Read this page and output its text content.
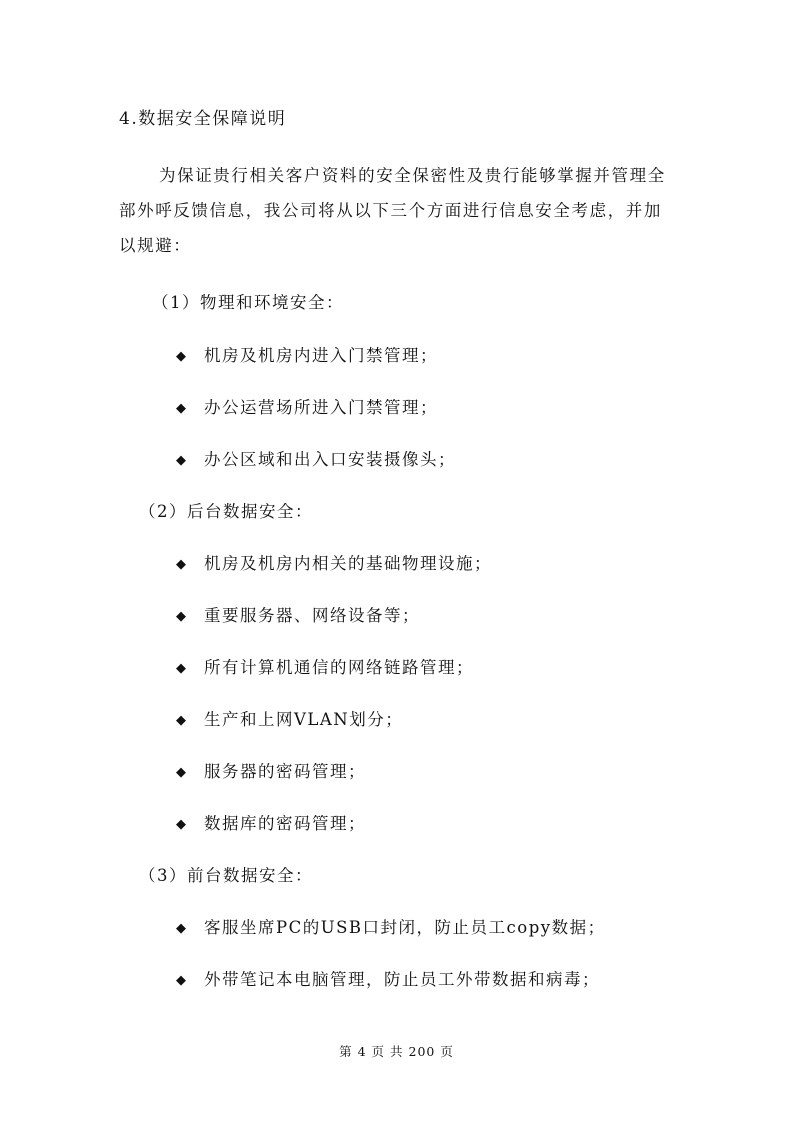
4.数据安全保障说明

为保证贵行相关客户资料的安全保密性及贵行能够掌握并管理全部外呼反馈信息，我公司将从以下三个方面进行信息安全考虑，并加以规避：

（1）物理和环境安全：

◆ 机房及机房内进入门禁管理；

◆ 办公运营场所进入门禁管理；

◆ 办公区域和出入口安装摄像头；

（2）后台数据安全：

◆ 机房及机房内相关的基础物理设施；

◆ 重要服务器、网络设备等；

◆ 所有计算机通信的网络链路管理；

◆ 生产和上网VLAN划分；

◆ 服务器的密码管理；

◆ 数据库的密码管理；

（3）前台数据安全：

◆ 客服坐席PC的USB口封闭，防止员工copy数据；

◆ 外带笔记本电脑管理，防止员工外带数据和病毒；

第 4 页 共 200 页
